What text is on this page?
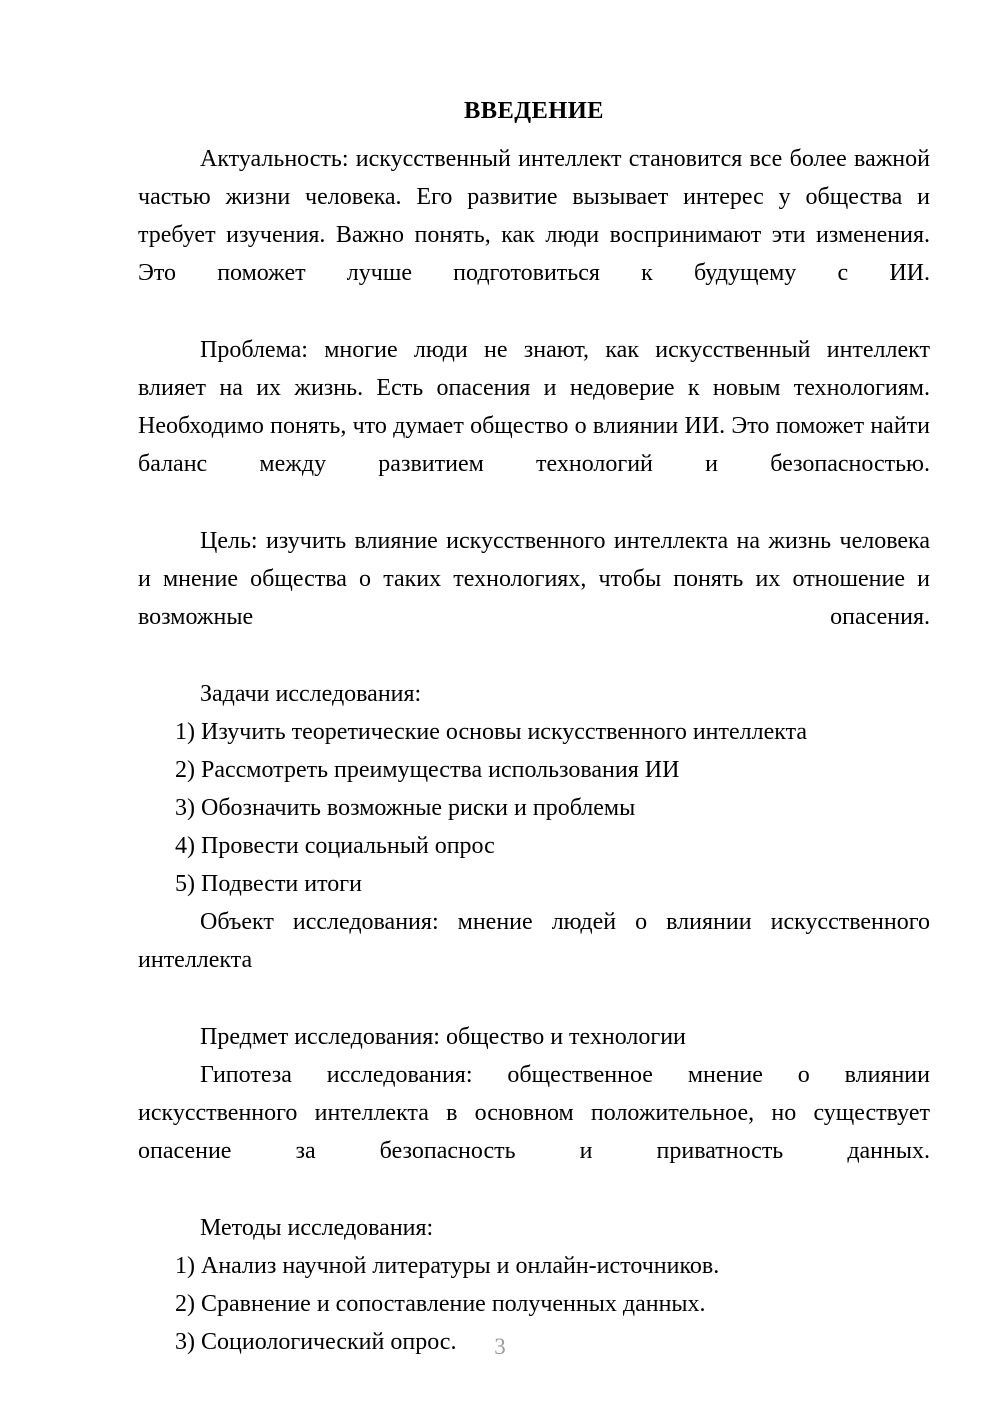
ВВЕДЕНИЕ

Актуальность: искусственный интеллект становится все более важной частью жизни человека. Его развитие вызывает интерес у общества и требует изучения. Важно понять, как люди воспринимают эти изменения. Это поможет лучше подготовиться к будущему с ИИ.

Проблема: многие люди не знают, как искусственный интеллект влияет на их жизнь. Есть опасения и недоверие к новым технологиям. Необходимо понять, что думает общество о влиянии ИИ. Это поможет найти баланс между развитием технологий и безопасностью.

Цель: изучить влияние искусственного интеллекта на жизнь человека и мнение общества о таких технологиях, чтобы понять их отношение и возможные опасения.

Задачи исследования:

1) Изучить теоретические основы искусственного интеллекта
2) Рассмотреть преимущества использования ИИ
3) Обозначить возможные риски и проблемы
4) Провести социальный опрос
5) Подвести итоги

Объект исследования: мнение людей о влиянии искусственного интеллекта

Предмет исследования: общество и технологии

Гипотеза исследования: общественное мнение о влиянии искусственного интеллекта в основном положительное, но существует опасение за безопасность и приватность данных.

Методы исследования:

1) Анализ научной литературы и онлайн-источников.
2) Сравнение и сопоставление полученных данных.
3) Социологический опрос.	3
